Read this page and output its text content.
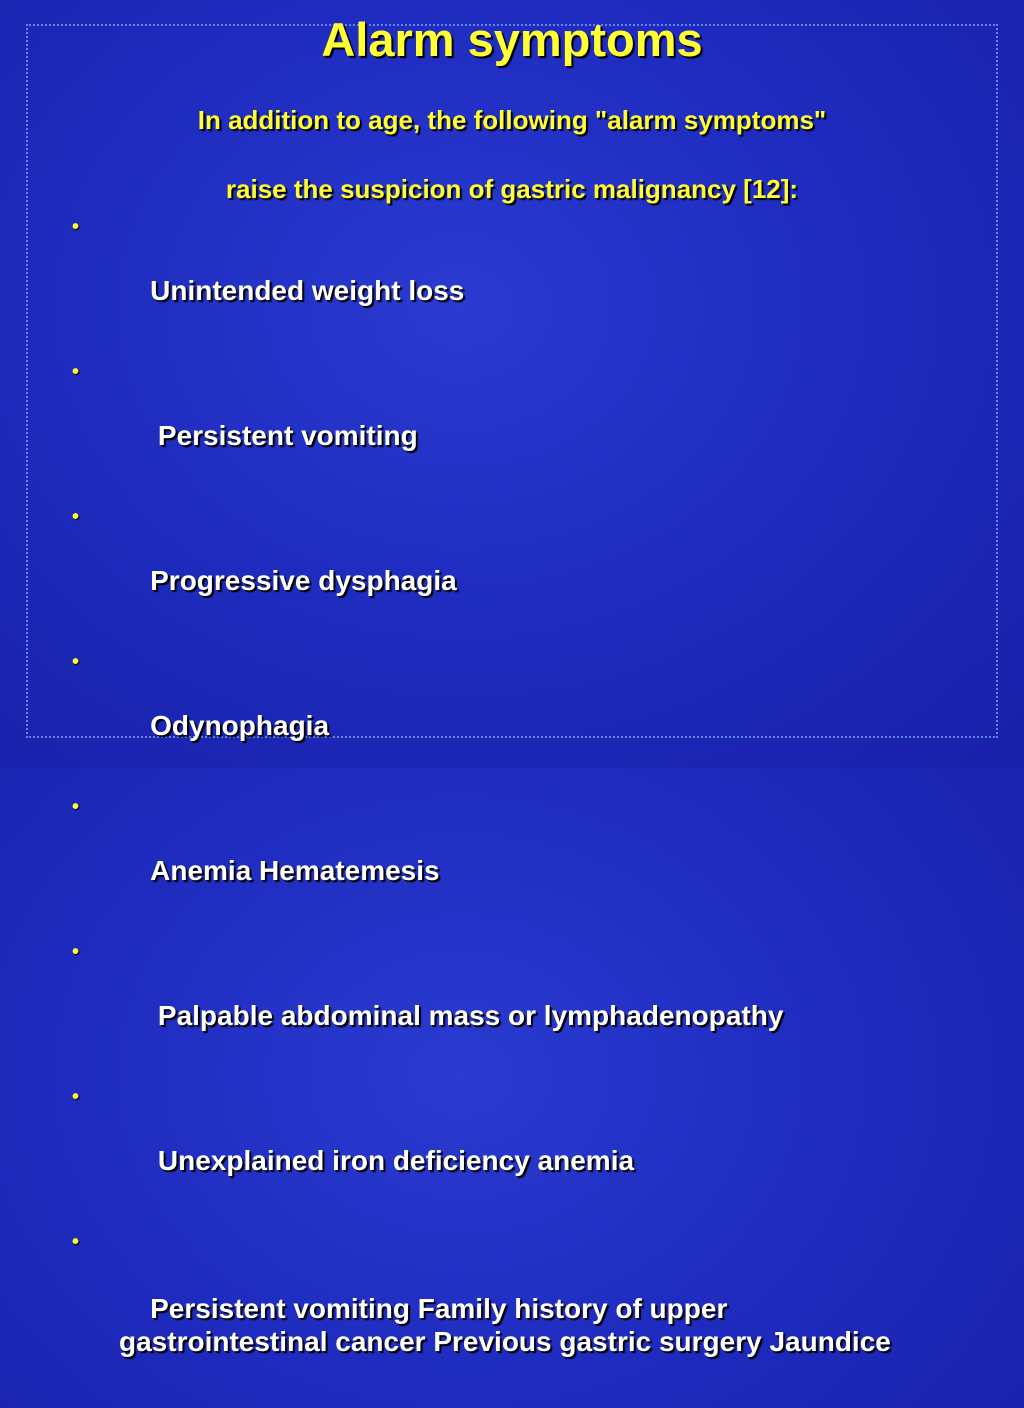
Alarm symptoms

In addition to age, the following "alarm symptoms"

raise the suspicion of gastric malignancy [12]:

•

Unintended weight loss

•

Persistent vomiting

•

Progressive dysphagia

•

Odynophagia

•

Anemia Hematemesis

•

Palpable abdominal mass or lymphadenopathy

•

Unexplained iron deficiency anemia

•

Persistent vomiting Family history of upper gastrointestinal cancer Previous gastric surgery Jaundice
